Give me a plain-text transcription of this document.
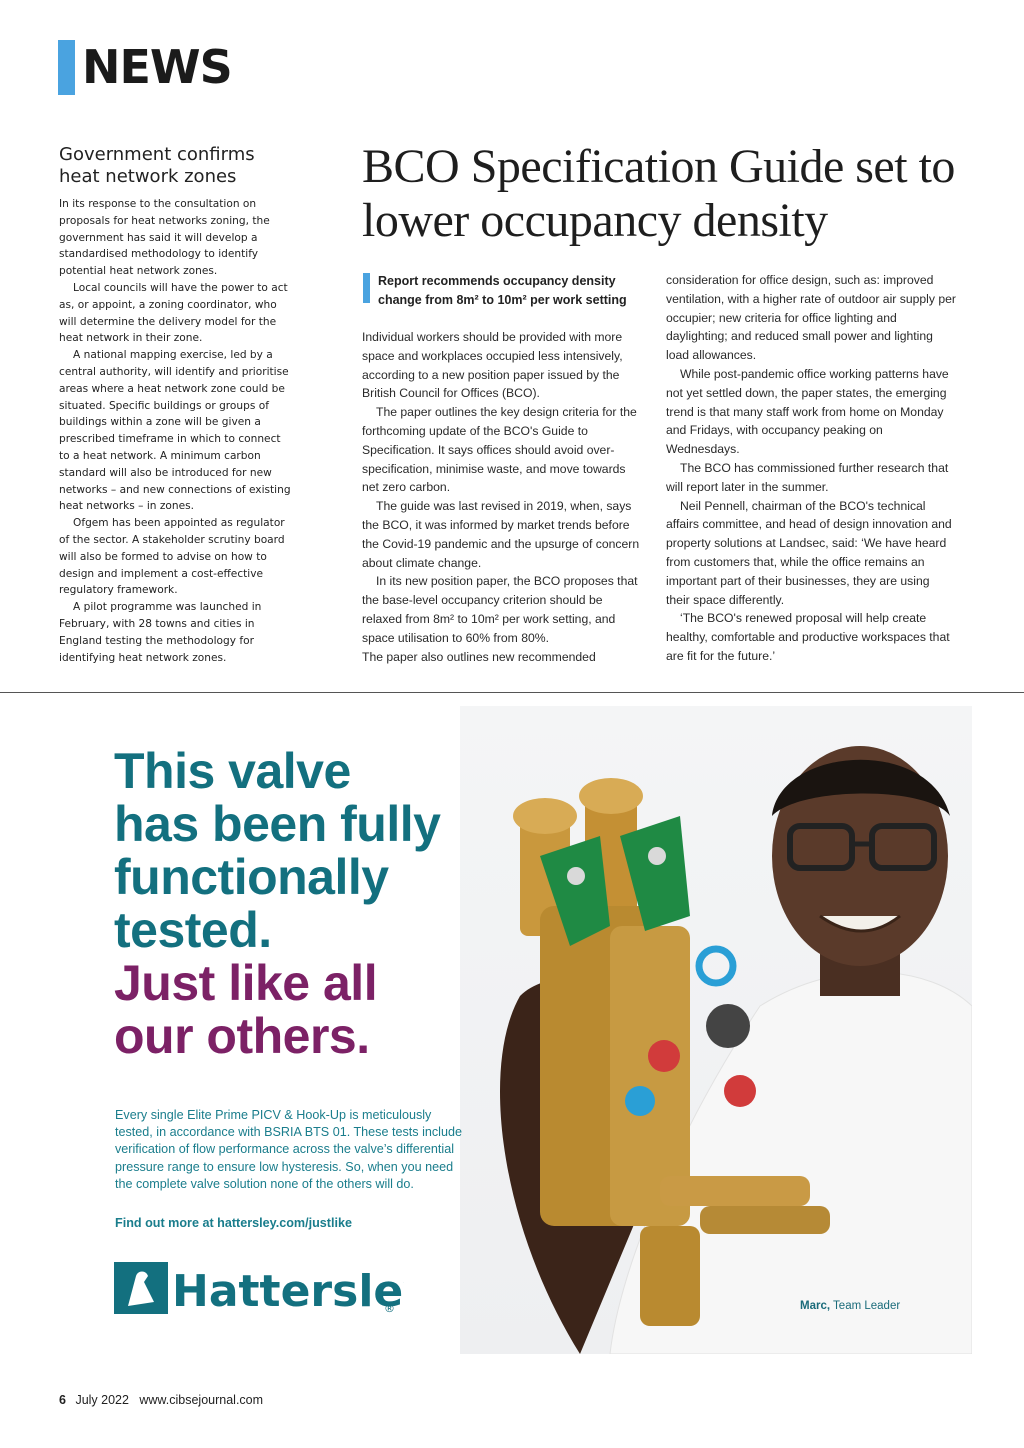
NEWS
Government confirms heat network zones

In its response to the consultation on proposals for heat networks zoning, the government has said it will develop a standardised methodology to identify potential heat network zones.

Local councils will have the power to act as, or appoint, a zoning coordinator, who will determine the delivery model for the heat network in their zone.

A national mapping exercise, led by a central authority, will identify and prioritise areas where a heat network zone could be situated. Specific buildings or groups of buildings within a zone will be given a prescribed timeframe in which to connect to a heat network. A minimum carbon standard will also be introduced for new networks – and new connections of existing heat networks – in zones.

Ofgem has been appointed as regulator of the sector. A stakeholder scrutiny board will also be formed to advise on how to design and implement a cost-effective regulatory framework.

A pilot programme was launched in February, with 28 towns and cities in England testing the methodology for identifying heat network zones.

BCO Specification Guide set to lower occupancy density
Report recommends occupancy density change from 8m² to 10m² per work setting

Individual workers should be provided with more space and workplaces occupied less intensively, according to a new position paper issued by the British Council for Offices (BCO).

The paper outlines the key design criteria for the forthcoming update of the BCO's Guide to Specification. It says offices should avoid over-specification, minimise waste, and move towards net zero carbon.

The guide was last revised in 2019, when, says the BCO, it was informed by market trends before the Covid-19 pandemic and the upsurge of concern about climate change.

In its new position paper, the BCO proposes that the base-level occupancy criterion should be relaxed from 8m² to 10m² per work setting, and space utilisation to 60% from 80%.

The paper also outlines new recommended

consideration for office design, such as: improved ventilation, with a higher rate of outdoor air supply per occupier; new criteria for office lighting and daylighting; and reduced small power and lighting load allowances.

While post-pandemic office working patterns have not yet settled down, the paper states, the emerging trend is that many staff work from home on Monday and Fridays, with occupancy peaking on Wednesdays.

The BCO has commissioned further research that will report later in the summer.

Neil Pennell, chairman of the BCO's technical affairs committee, and head of design innovation and property solutions at Landsec, said: ‘We have heard from customers that, while the office remains an important part of their businesses, they are using their space differently.

‘The BCO's renewed proposal will help create healthy, comfortable and productive workspaces that are fit for the future.’

This valve
has been fully
functionally
tested.
Just like all
our others.
Every single Elite Prime PICV & Hook-Up is meticulously tested, in accordance with BSRIA BTS 01. These tests include verification of flow performance across the valve’s differential pressure range to ensure low hysteresis. So, when you need the complete valve solution none of the others will do.
Find out more at hattersley.com/justlike
Hattersle
®	Marc, Team Leader
6 July 2022 www.cibsejournal.com
